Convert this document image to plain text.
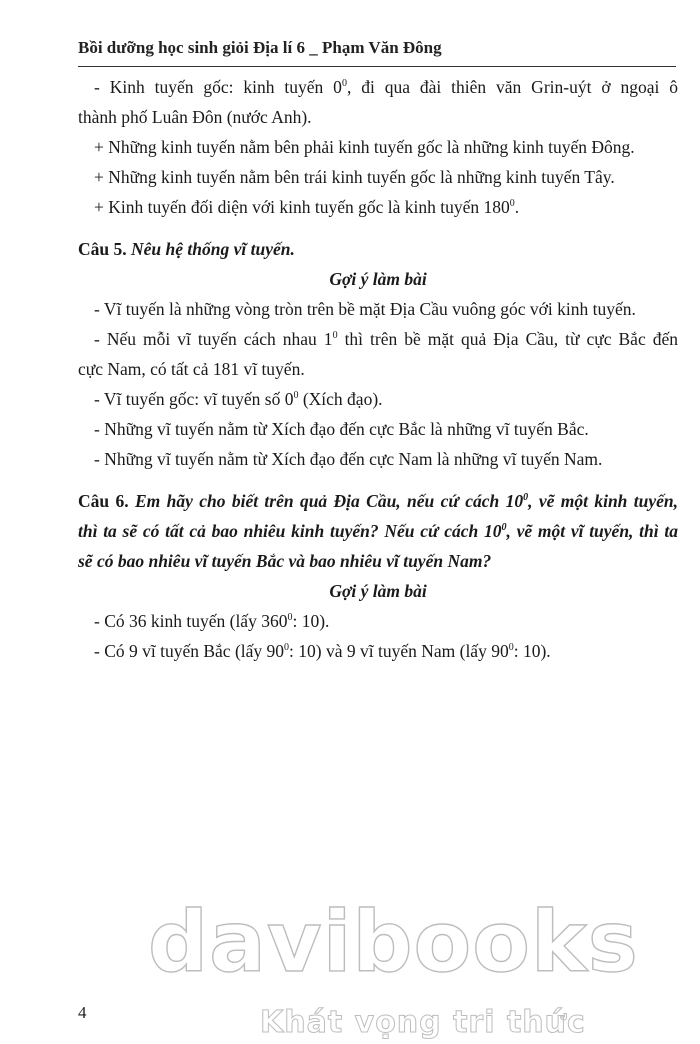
Bồi dưỡng học sinh giỏi Địa lí 6 _ Phạm Văn Đông

- Kinh tuyến gốc: kinh tuyến $0^0$, đi qua đài thiên văn Grin-uýt ở ngoại ô

thành phố Luân Đôn (nước Anh).

+ Những kinh tuyến nằm bên phải kinh tuyến gốc là những kinh tuyến Đông.

+ Những kinh tuyến nằm bên trái kinh tuyến gốc là những kinh tuyến Tây.

+ Kinh tuyến đối diện với kinh tuyến gốc là kinh tuyến $180^0$.

Câu 5. Nêu hệ thống vĩ tuyến.

Gợi ý làm bài

- Vĩ tuyến là những vòng tròn trên bề mặt Địa Cầu vuông góc với kinh tuyến.

- Nếu mỗi vĩ tuyến cách nhau $1^0$ thì trên bề mặt quả Địa Cầu, từ cực Bắc đến

cực Nam, có tất cả 181 vĩ tuyến.

- Vĩ tuyến gốc: vĩ tuyến số $0^0$ (Xích đạo).

- Những vĩ tuyến nằm từ Xích đạo đến cực Bắc là những vĩ tuyến Bắc.

- Những vĩ tuyến nằm từ Xích đạo đến cực Nam là những vĩ tuyến Nam.

Câu 6. Em hãy cho biết trên quả Địa Cầu, nếu cứ cách $10^0$, vẽ một kinh tuyến,

thì ta sẽ có tất cả bao nhiêu kinh tuyến? Nếu cứ cách $10^0$, vẽ một vĩ tuyến, thì ta

sẽ có bao nhiêu vĩ tuyến Bắc và bao nhiêu vĩ tuyến Nam?

Gợi ý làm bài

- Có 36 kinh tuyến (lấy $360^0$: 10).

- Có 9 vĩ tuyến Bắc (lấy $90^0$: 10) và 9 vĩ tuyến Nam (lấy $90^0$: 10).

davibooks
Khát vọng tri thức
4
